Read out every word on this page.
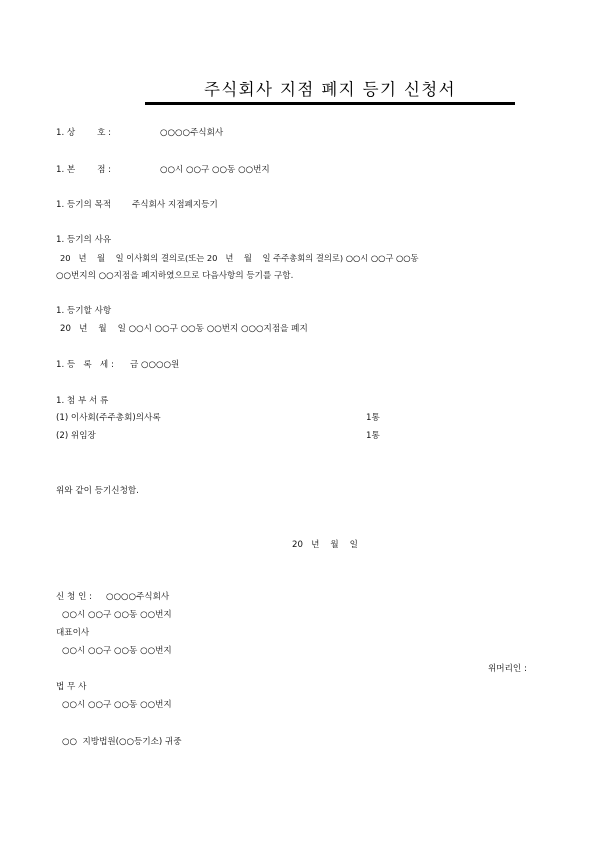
주식회사 지점 폐지 등기 신청서
1. 상        호 :	○○○○주식회사
1. 본        점 :	○○시 ○○구 ○○동 ○○번지
1. 등기의 목적 주식회사 지점폐지등기
1. 등기의 사유
20   년    월    일 이사회의 결의로(또는 20   년    월    일 주주총회의 결의로) ○○시 ○○구 ○○동
○○번지의 ○○지점을 폐지하였으므로 다음사항의 등기를 구함.
1. 등기할 사항
20   년    월    일 ○○시 ○○구 ○○동 ○○번지 ○○○지점을 폐지
1. 등   록   세 : 금 ○○○○원
1. 첨 부 서 류
(1) 이사회(주주총회)의사록	1통
(2) 위임장	1통
위와 같이 등기신청함.
20   년    월    일
신 청 인 : ○○○○주식회사
○○시 ○○구 ○○동 ○○번지
대표이사
○○시 ○○구 ○○동 ○○번지
위머리인 :
법 무 사
○○시 ○○구 ○○동 ○○번지
○○  지방법원(○○등기소) 귀중
